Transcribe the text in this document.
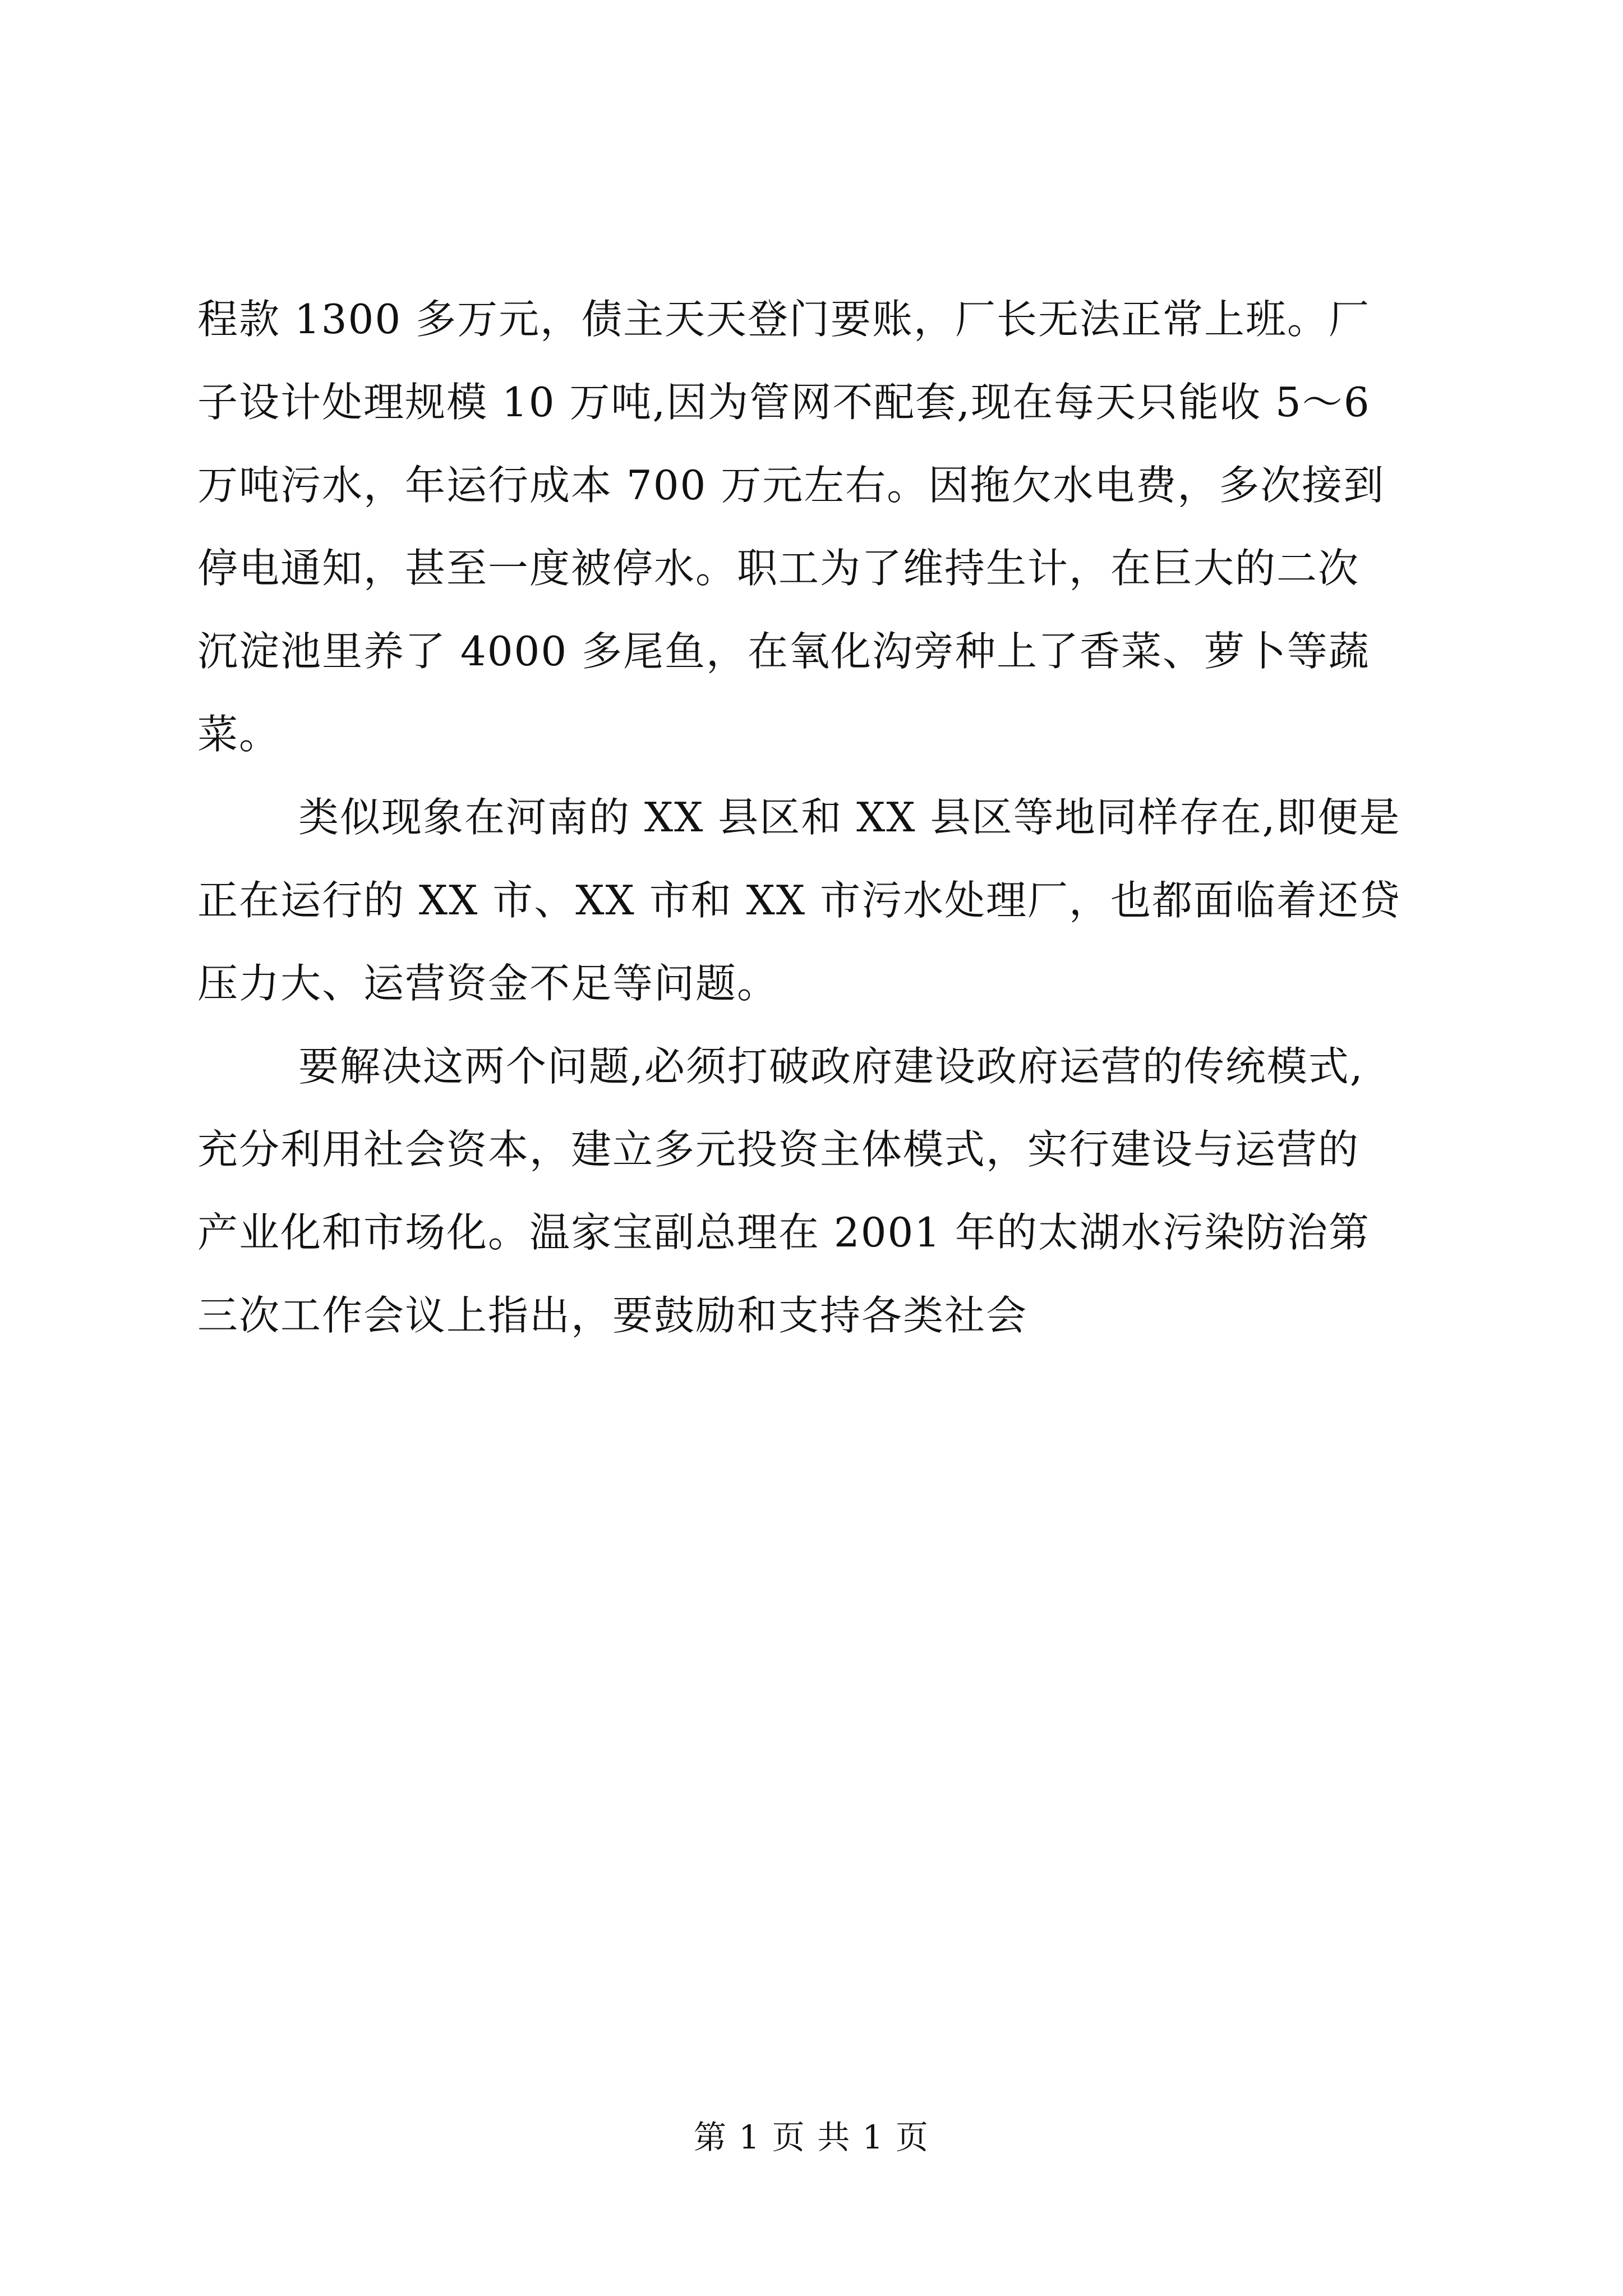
程款 1300 多万元，债主天天登门要账，厂长无法正常上班。厂
子设计处理规模 10 万吨,因为管网不配套,现在每天只能收 5～6
万吨污水，年运行成本 700 万元左右。因拖欠水电费，多次接到
停电通知，甚至一度被停水。职工为了维持生计，在巨大的二次
沉淀池里养了 4000 多尾鱼，在氧化沟旁种上了香菜、萝卜等蔬
菜。
类似现象在河南的 XX 县区和 XX 县区等地同样存在,即便是
正在运行的 XX 市、XX 市和 XX 市污水处理厂，也都面临着还贷
压力大、运营资金不足等问题。
要解决这两个问题,必须打破政府建设政府运营的传统模式,
充分利用社会资本，建立多元投资主体模式，实行建设与运营的
产业化和市场化。温家宝副总理在 2001 年的太湖水污染防治第
三次工作会议上指出，要鼓励和支持各类社会
第 1 页 共 1 页
